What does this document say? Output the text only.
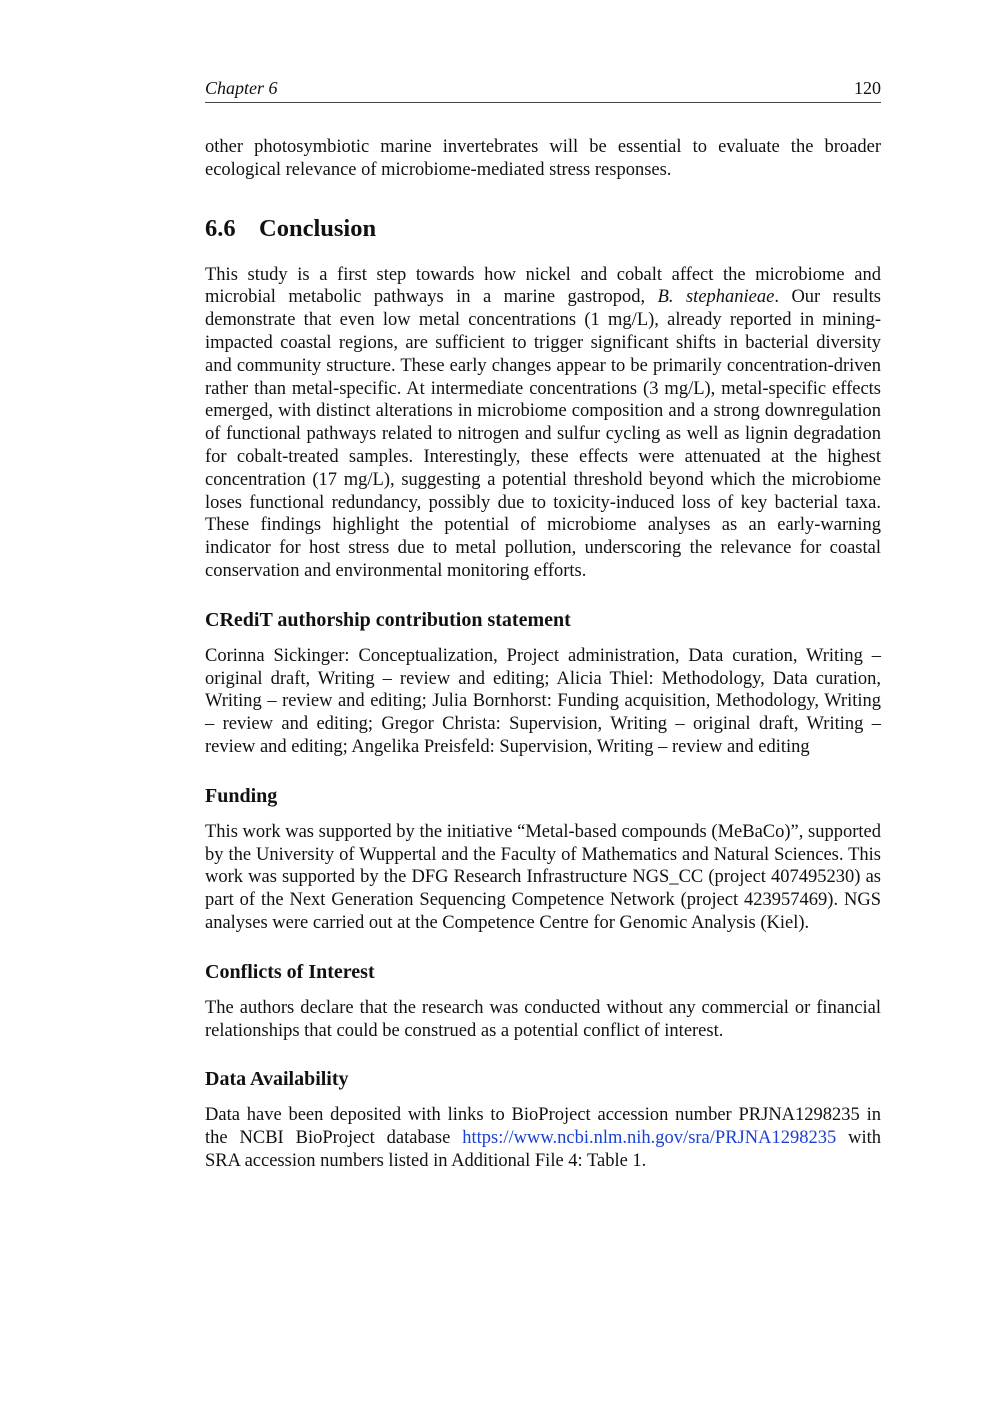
Chapter 6	120

other photosymbiotic marine invertebrates will be essential to evaluate the broader ecological relevance of microbiome-mediated stress responses.

6.6 Conclusion

This study is a first step towards how nickel and cobalt affect the microbiome and microbial metabolic pathways in a marine gastropod, B. stephanieae. Our results demonstrate that even low metal concentrations (1 mg/L), already reported in mining-impacted coastal regions, are sufficient to trigger significant shifts in bacterial diversity and community structure. These early changes appear to be primarily concentration-driven rather than metal-specific. At intermediate concentrations (3 mg/L), metal-specific effects emerged, with distinct alterations in microbiome composition and a strong downregulation of functional pathways related to nitrogen and sulfur cycling as well as lignin degradation for cobalt-treated samples. Interestingly, these effects were attenuated at the highest concentration (17 mg/L), suggesting a potential threshold beyond which the microbiome loses functional redundancy, possibly due to toxicity-induced loss of key bacterial taxa. These findings highlight the potential of microbiome analyses as an early-warning indicator for host stress due to metal pollution, underscoring the relevance for coastal conservation and environmental monitoring efforts.

CRediT authorship contribution statement

Corinna Sickinger: Conceptualization, Project administration, Data curation, Writing – original draft, Writing – review and editing; Alicia Thiel: Methodology, Data curation, Writing – review and editing; Julia Bornhorst: Funding acquisition, Methodology, Writing – review and editing; Gregor Christa: Supervision, Writing – original draft, Writing – review and editing; Angelika Preisfeld: Supervision, Writing – review and editing

Funding

This work was supported by the initiative “Metal-based compounds (MeBaCo)”, supported by the University of Wuppertal and the Faculty of Mathematics and Natural Sciences. This work was supported by the DFG Research Infrastructure NGS_CC (project 407495230) as part of the Next Generation Sequencing Competence Network (project 423957469). NGS analyses were carried out at the Competence Centre for Genomic Analysis (Kiel).

Conflicts of Interest

The authors declare that the research was conducted without any commercial or financial relationships that could be construed as a potential conflict of interest.

Data Availability

Data have been deposited with links to BioProject accession number PRJNA1298235 in the NCBI BioProject database https://www.ncbi.nlm.nih.gov/sra/PRJNA1298235 with SRA accession numbers listed in Additional File 4: Table 1.
